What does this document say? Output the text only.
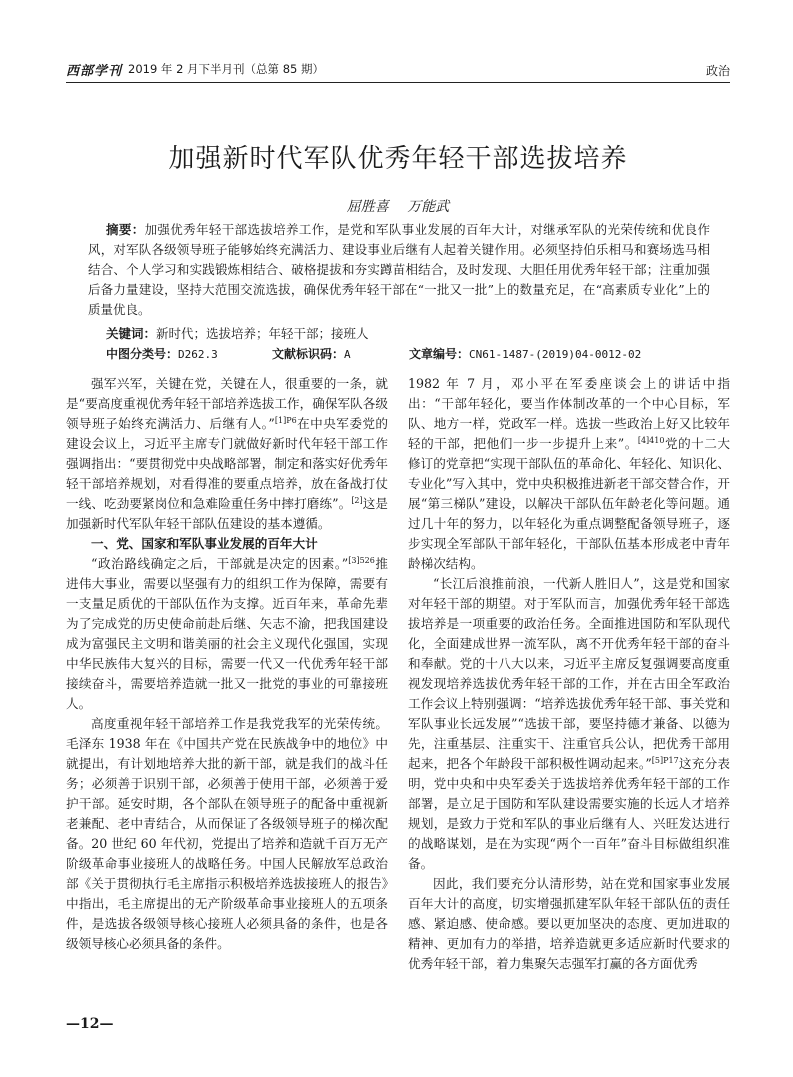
西部学刊 2019 年 2 月下半月刊（总第 85 期）	政治
加强新时代军队优秀年轻干部选拔培养
屈胜喜 万能武

摘要：加强优秀年轻干部选拔培养工作，是党和军队事业发展的百年大计，对继承军队的光荣传统和优良作风，对军队各级领导班子能够始终充满活力、建设事业后继有人起着关键作用。必须坚持伯乐相马和赛场选马相结合、个人学习和实践锻炼相结合、破格提拔和夯实蹲苗相结合，及时发现、大胆任用优秀年轻干部；注重加强后备力量建设，坚持大范围交流选拔，确保优秀年轻干部在“一批又一批”上的数量充足，在“高素质专业化”上的质量优良。

关键词：新时代；选拔培养；年轻干部；接班人
中图分类号：D262.3	文献标识码：A	文章编号：CN61-1487-(2019)04-0012-02

强军兴军，关键在党，关键在人，很重要的一条，就是“要高度重视优秀年轻干部培养选拔工作，确保军队各级领导班子始终充满活力、后继有人。”$^{[1]P6}$在中央军委党的建设会议上，习近平主席专门就做好新时代年轻干部工作强调指出：“要贯彻党中央战略部署，制定和落实好优秀年轻干部培养规划，对看得准的要重点培养，放在备战打仗一线、吃劲要紧岗位和急难险重任务中摔打磨练”。[2]这是加强新时代军队年轻干部队伍建设的基本遵循。

一、党、国家和军队事业发展的百年大计

“政治路线确定之后，干部就是决定的因素。”$^{[3]526}$推进伟大事业，需要以坚强有力的组织工作为保障，需要有一支量足质优的干部队伍作为支撑。近百年来，革命先辈为了完成党的历史使命前赴后继、矢志不渝，把我国建设成为富强民主文明和谐美丽的社会主义现代化强国，实现中华民族伟大复兴的目标，需要一代又一代优秀年轻干部接续奋斗，需要培养造就一批又一批党的事业的可靠接班人。

高度重视年轻干部培养工作是我党我军的光荣传统。毛泽东 1938 年在《中国共产党在民族战争中的地位》中就提出，有计划地培养大批的新干部，就是我们的战斗任务；必须善于识别干部，必须善于使用干部，必须善于爱护干部。延安时期，各个部队在领导班子的配备中重视新老兼配、老中青结合，从而保证了各级领导班子的梯次配备。20 世纪 60 年代初，党提出了培养和造就千百万无产阶级革命事业接班人的战略任务。中国人民解放军总政治部《关于贯彻执行毛主席指示积极培养选拔接班人的报告》中指出，毛主席提出的无产阶级革命事业接班人的五项条件，是选拔各级领导核心接班人必须具备的条件，也是各级领导核心必须具备的条件。

1982 年 7 月，邓小平在军委座谈会上的讲话中指出：“干部年轻化，要当作体制改革的一个中心目标，军队、地方一样，党政军一样。选拔一些政治上好又比较年轻的干部，把他们一步一步提升上来”。$^{[4]410}$党的十二大修订的党章把“实现干部队伍的革命化、年轻化、知识化、专业化”写入其中，党中央积极推进新老干部交替合作，开展“第三梯队”建设，以解决干部队伍年龄老化等问题。通过几十年的努力，以年轻化为重点调整配备领导班子，逐步实现全军部队干部年轻化，干部队伍基本形成老中青年龄梯次结构。

“长江后浪推前浪，一代新人胜旧人”，这是党和国家对年轻干部的期望。对于军队而言，加强优秀年轻干部选拔培养是一项重要的政治任务。全面推进国防和军队现代化，全面建成世界一流军队，离不开优秀年轻干部的奋斗和奉献。党的十八大以来，习近平主席反复强调要高度重视发现培养选拔优秀年轻干部的工作，并在古田全军政治工作会议上特别强调：“培养选拔优秀年轻干部、事关党和军队事业长远发展”“选拔干部，要坚持德才兼备、以德为先，注重基层、注重实干、注重官兵公认，把优秀干部用起来，把各个年龄段干部积极性调动起来。”$^{[5]P17}$这充分表明，党中央和中央军委关于选拔培养优秀年轻干部的工作部署，是立足于国防和军队建设需要实施的长远人才培养规划，是致力于党和军队的事业后继有人、兴旺发达进行的战略谋划，是在为实现“两个一百年”奋斗目标做组织准备。

因此，我们要充分认清形势，站在党和国家事业发展百年大计的高度，切实增强抓建军队年轻干部队伍的责任感、紧迫感、使命感。要以更加坚决的态度、更加进取的精神、更加有力的举措，培养造就更多适应新时代要求的优秀年轻干部，着力集聚矢志强军打赢的各方面优秀

—12—
